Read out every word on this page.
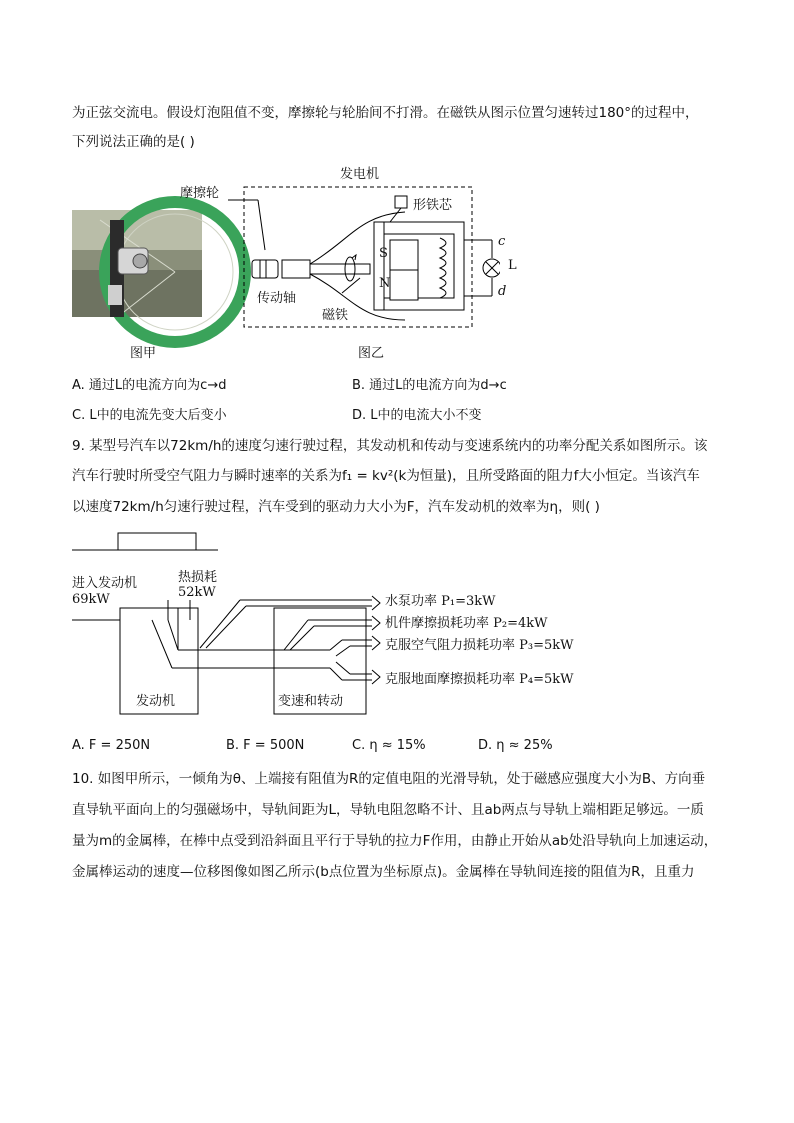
为正弦交流电。假设灯泡阻值不变，摩擦轮与轮胎间不打滑。在磁铁从图示位置匀速转过180°的过程中，
下列说法正确的是( )
发电机
摩擦轮
形铁芯
S
N
传动轴
磁铁
c
d
图甲	图乙
L
A. 通过L的电流方向为c→d	B. 通过L的电流方向为d→c
C. L中的电流先变大后变小	D. L中的电流大小不变
9. 某型号汽车以72km/h的速度匀速行驶过程，其发动机和传动与变速系统内的功率分配关系如图所示。该
汽车行驶时所受空气阻力与瞬时速率的关系为f₁ = kv²(k为恒量)，且所受路面的阻力f大小恒定。当该汽车
以速度72km/h匀速行驶过程，汽车受到的驱动力大小为F，汽车发动机的效率为η，则( )
进入发动机
69kW
热损耗
52kW
水泵功率 P₁=3kW
机件摩擦损耗功率 P₂=4kW
克服空气阻力损耗功率 P₃=5kW
克服地面摩擦损耗功率 P₄=5kW
发动机	变速和转动
A. F = 250N	B. F = 500N	C. η ≈ 15%	D. η ≈ 25%
10. 如图甲所示，一倾角为θ、上端接有阻值为R的定值电阻的光滑导轨，处于磁感应强度大小为B、方向垂
直导轨平面向上的匀强磁场中，导轨间距为L，导轨电阻忽略不计、且ab两点与导轨上端相距足够远。一质
量为m的金属棒，在棒中点受到沿斜面且平行于导轨的拉力F作用，由静止开始从ab处沿导轨向上加速运动，
金属棒运动的速度—位移图像如图乙所示(b点位置为坐标原点)。金属棒在导轨间连接的阻值为R，且重力
